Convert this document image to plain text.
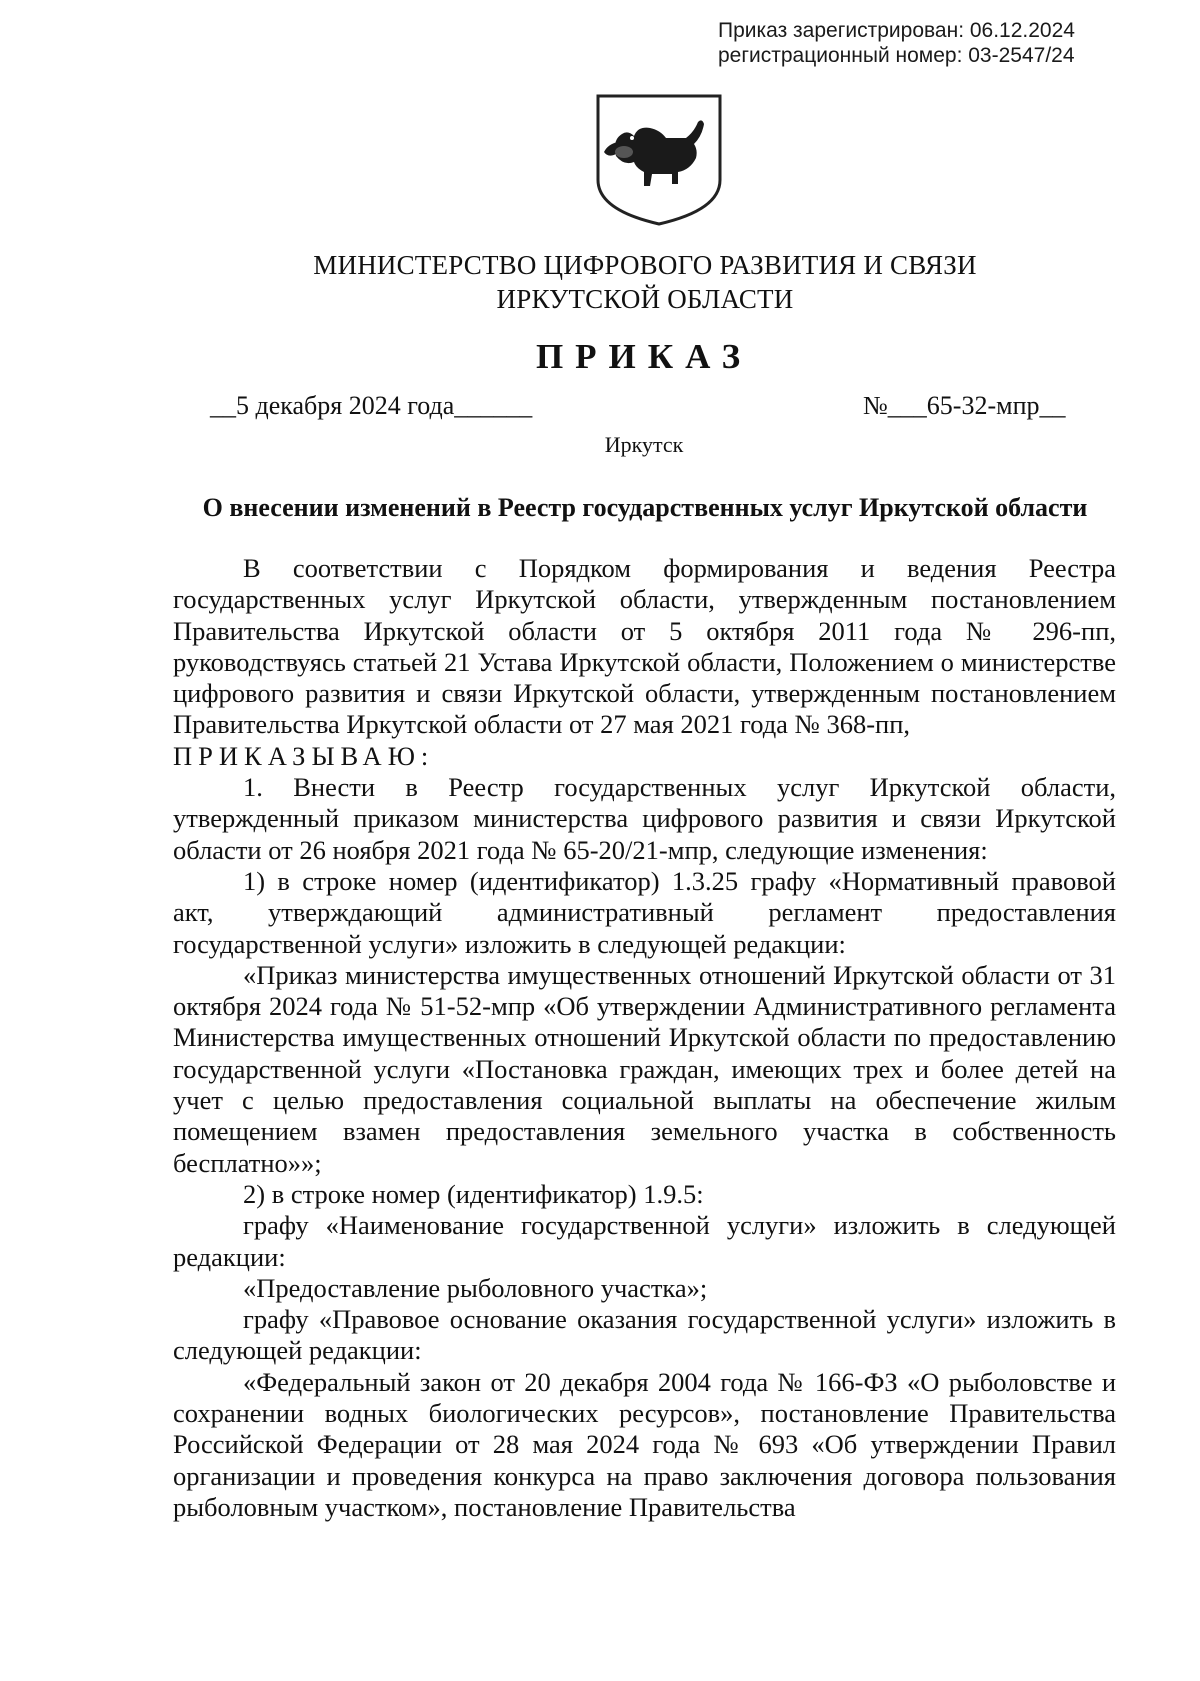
Приказ зарегистрирован: 06.12.2024
регистрационный номер: 03-2547/24
МИНИСТЕРСТВО ЦИФРОВОГО РАЗВИТИЯ И СВЯЗИ
ИРКУТСКОЙ ОБЛАСТИ
ПРИКАЗ
__5 декабря 2024 года______	№___65-32-мпр__
Иркутск
О внесении изменений в Реестр государственных услуг Иркутской области

В соответствии с Порядком формирования и ведения Реестра государственных услуг Иркутской области, утвержденным постановлением Правительства Иркутской области от 5 октября 2011 года № 296-пп, руководствуясь статьей 21 Устава Иркутской области, Положением о министерстве цифрового развития и связи Иркутской области, утвержденным постановлением Правительства Иркутской области от 27 мая 2021 года № 368-пп,

ПРИКАЗЫВАЮ:

1. Внести в Реестр государственных услуг Иркутской области, утвержденный приказом министерства цифрового развития и связи Иркутской области от 26 ноября 2021 года № 65-20/21-мпр, следующие изменения:

1) в строке номер (идентификатор) 1.3.25 графу «Нормативный правовой акт, утверждающий административный регламент предоставления государственной услуги» изложить в следующей редакции:

«Приказ министерства имущественных отношений Иркутской области от 31 октября 2024 года № 51-52-мпр «Об утверждении Административного регламента Министерства имущественных отношений Иркутской области по предоставлению государственной услуги «Постановка граждан, имеющих трех и более детей на учет с целью предоставления социальной выплаты на обеспечение жилым помещением взамен предоставления земельного участка в собственность бесплатно»»;

2) в строке номер (идентификатор) 1.9.5:

графу «Наименование государственной услуги» изложить в следующей редакции:

«Предоставление рыболовного участка»;

графу «Правовое основание оказания государственной услуги» изложить в следующей редакции:

«Федеральный закон от 20 декабря 2004 года № 166-ФЗ «О рыболовстве и сохранении водных биологических ресурсов», постановление Правительства Российской Федерации от 28 мая 2024 года № 693 «Об утверждении Правил организации и проведения конкурса на право заключения договора пользования рыболовным участком», постановление Правительства
